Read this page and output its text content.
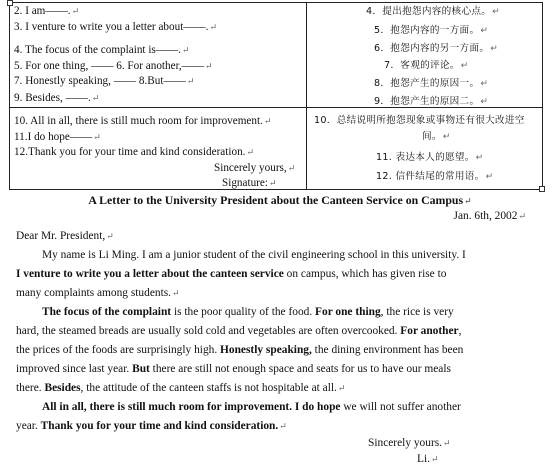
2. I am——.↵
3. I venture to write you a letter about——.↵
4. The focus of the complaint is——.↵
5. For one thing, —— 6. For another,——↵
7. Honestly speaking, —— 8.But——↵
9. Besides, ——.↵
10. All in all, there is still much room for improvement.↵
11.I do hope——↵
12.Thank you for your time and kind consideration.↵
Sincerely yours,↵
Signature:↵
4．提出抱怨内容的核心点。↵
5．抱怨内容的一方面。↵
6．抱怨内容的另一方面。↵
7．客观的评论。↵
8．抱怨产生的原因一。↵
9．抱怨产生的原因二。↵
10．总结说明所抱怨现象或事物还有很大改进空
间。↵
11. 表达本人的愿望。↵
12. 信件结尾的常用语。↵
A Letter to the University President about the Canteen Service on Campus↵
Jan. 6th, 2002↵
Dear Mr. President,↵
My name is Li Ming. I am a junior student of the civil engineering school in this university. I
I venture to write you a letter about the canteen service on campus, which has given rise to
many complaints among students.↵
The focus of the complaint is the poor quality of the food. For one thing, the rice is very
hard, the steamed breads are usually sold cold and vegetables are often overcooked. For another,
the prices of the foods are surprisingly high. Honestly speaking, the dining environment has been
improved since last year. But there are still not enough space and seats for us to have our meals
there. Besides, the attitude of the canteen staffs is not hospitable at all.↵
All in all, there is still much room for improvement. I do hope we will not suffer another
year. Thank you for your time and kind consideration.↵
Sincerely yours.↵
Li.↵
